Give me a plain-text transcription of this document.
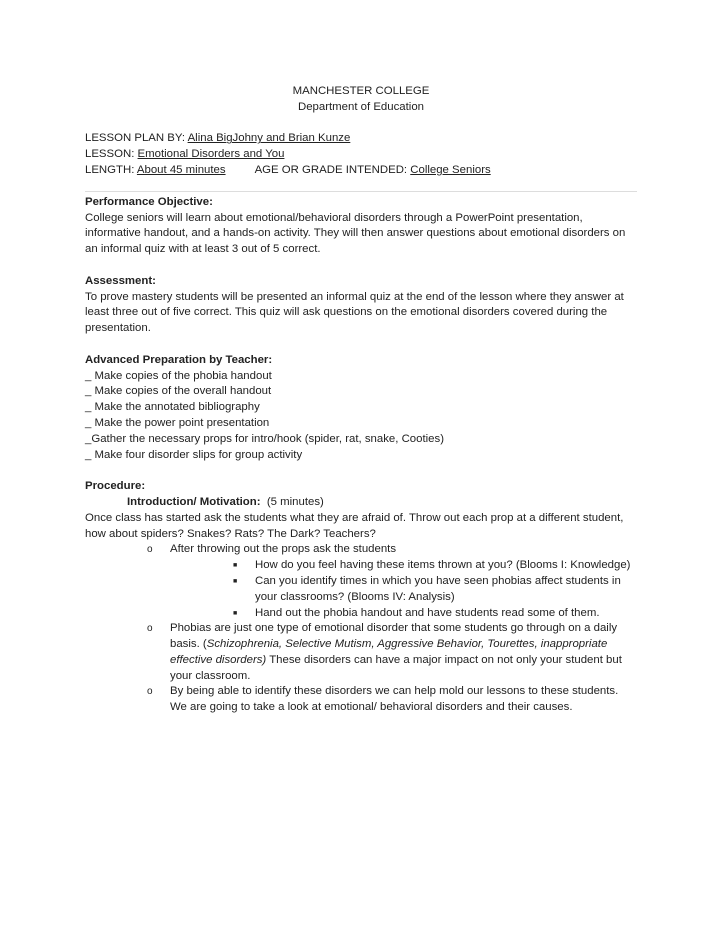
MANCHESTER COLLEGE
Department of Education
LESSON PLAN BY: Alina BigJohny and Brian Kunze
LESSON: Emotional Disorders and You
LENGTH: About 45 minutes	AGE OR GRADE INTENDED: College Seniors
Performance Objective:
College seniors will learn about emotional/behavioral disorders through a PowerPoint presentation, informative handout, and a hands-on activity. They will then answer questions about emotional disorders on an informal quiz with at least 3 out of 5 correct.
Assessment:
To prove mastery students will be presented an informal quiz at the end of the lesson where they answer at least three out of five correct. This quiz will ask questions on the emotional disorders covered during the presentation.
Advanced Preparation by Teacher:
_ Make copies of the phobia handout
_ Make copies of the overall handout
_ Make the annotated bibliography
_ Make the power point presentation
_Gather the necessary props for intro/hook (spider, rat, snake, Cooties)
_ Make four disorder slips for group activity
Procedure:
Introduction/ Motivation: (5 minutes)
Once class has started ask the students what they are afraid of. Throw out each prop at a different student, how about spiders? Snakes? Rats? The Dark? Teachers?
o After throwing out the props ask the students
■ How do you feel having these items thrown at you? (Blooms I: Knowledge)
■ Can you identify times in which you have seen phobias affect students in your classrooms? (Blooms IV: Analysis)
■ Hand out the phobia handout and have students read some of them.
o Phobias are just one type of emotional disorder that some students go through on a daily basis. (Schizophrenia, Selective Mutism, Aggressive Behavior, Tourettes, inappropriate effective disorders) These disorders can have a major impact on not only your student but your classroom.
o By being able to identify these disorders we can help mold our lessons to these students. We are going to take a look at emotional/ behavioral disorders and their causes.
